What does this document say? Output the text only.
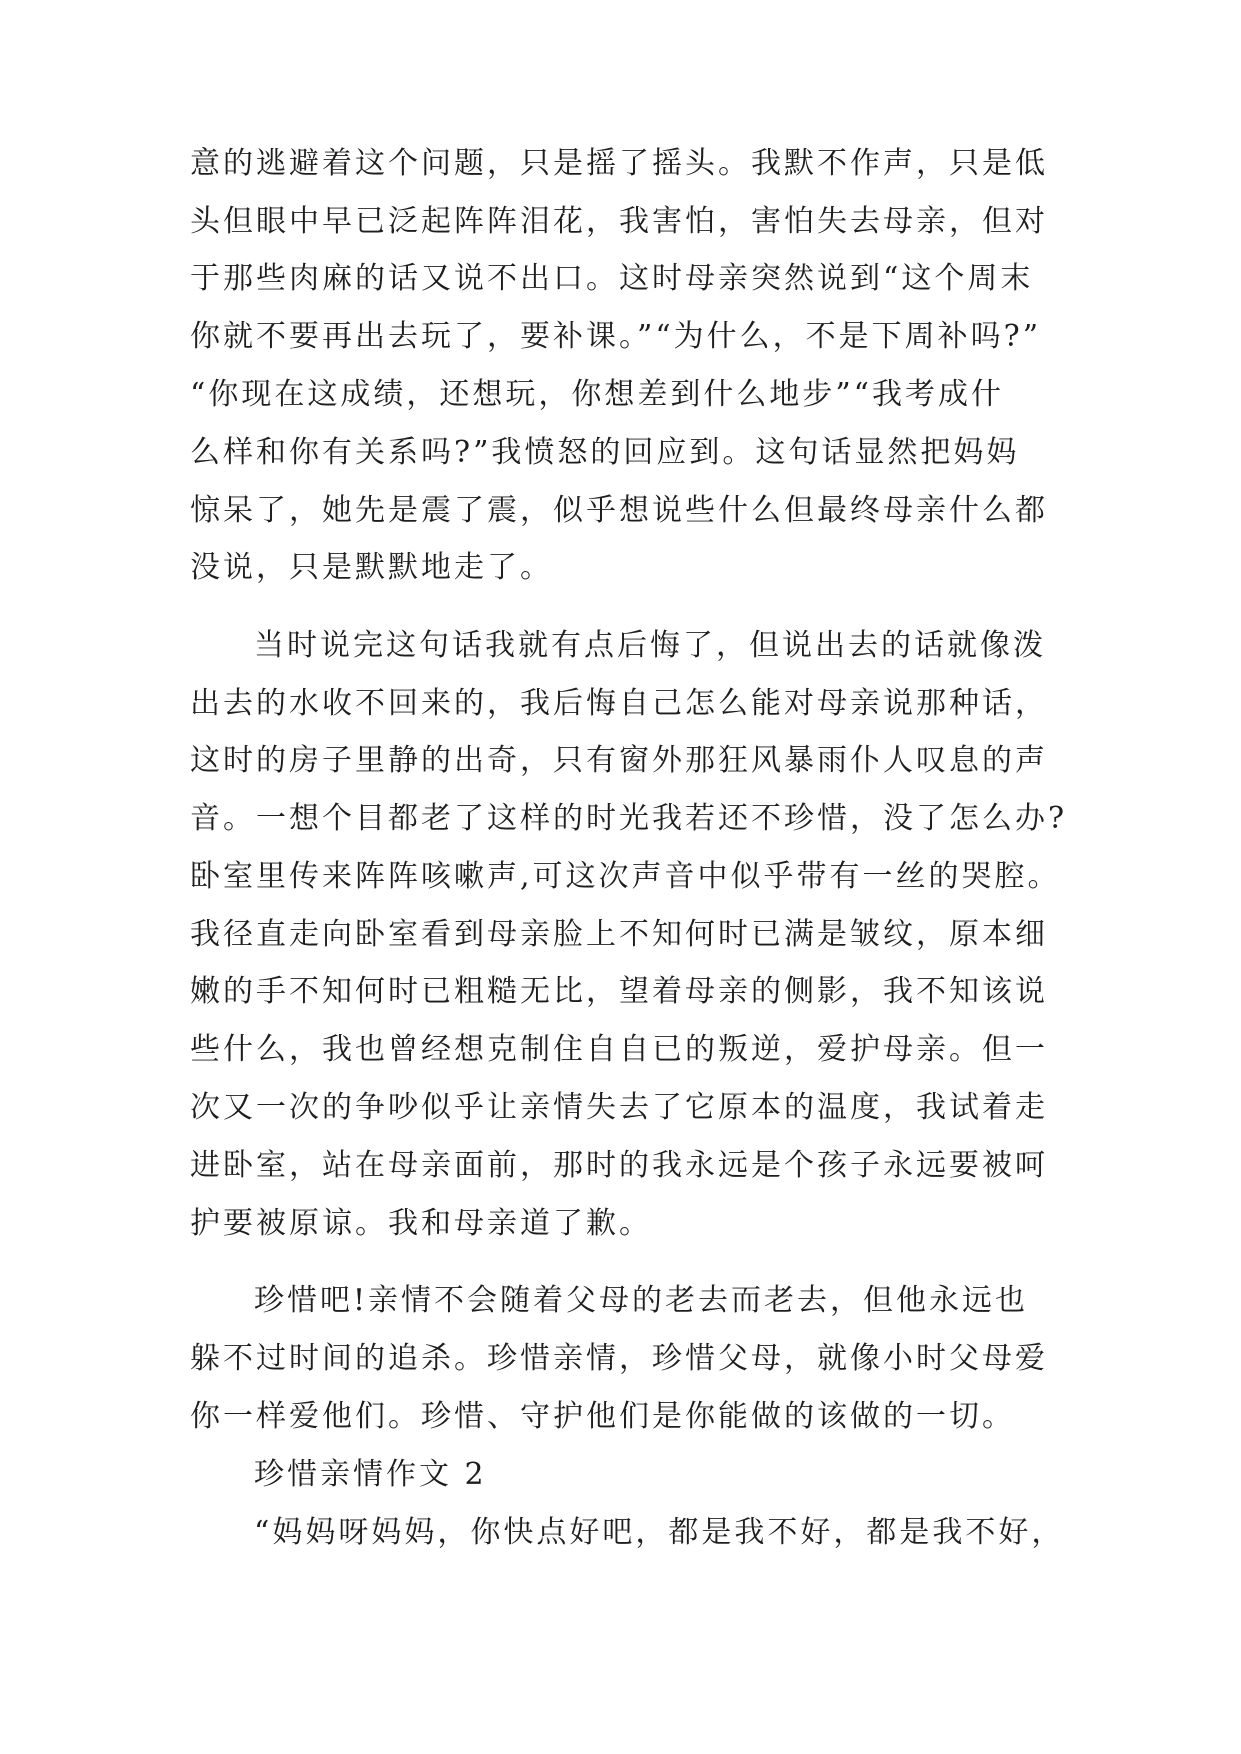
意的逃避着这个问题，只是摇了摇头。我默不作声，只是低
头但眼中早已泛起阵阵泪花，我害怕，害怕失去母亲，但对
于那些肉麻的话又说不出口。这时母亲突然说到“这个周末
你就不要再出去玩了，要补课。”“为什么，不是下周补吗?”
“你现在这成绩，还想玩，你想差到什么地步”“我考成什
么样和你有关系吗?”我愤怒的回应到。这句话显然把妈妈
惊呆了，她先是震了震，似乎想说些什么但最终母亲什么都
没说，只是默默地走了。
当时说完这句话我就有点后悔了，但说出去的话就像泼
出去的水收不回来的，我后悔自己怎么能对母亲说那种话，
这时的房子里静的出奇，只有窗外那狂风暴雨仆人叹息的声
音。一想个目都老了这样的时光我若还不珍惜，没了怎么办?
卧室里传来阵阵咳嗽声,可这次声音中似乎带有一丝的哭腔。
我径直走向卧室看到母亲脸上不知何时已满是皱纹，原本细
嫩的手不知何时已粗糙无比，望着母亲的侧影，我不知该说
些什么，我也曾经想克制住自自已的叛逆，爱护母亲。但一
次又一次的争吵似乎让亲情失去了它原本的温度，我试着走
进卧室，站在母亲面前，那时的我永远是个孩子永远要被呵
护要被原谅。我和母亲道了歉。
珍惜吧!亲情不会随着父母的老去而老去，但他永远也
躲不过时间的追杀。珍惜亲情，珍惜父母，就像小时父母爱
你一样爱他们。珍惜、守护他们是你能做的该做的一切。
珍惜亲情作文 2
“妈妈呀妈妈，你快点好吧，都是我不好，都是我不好，
